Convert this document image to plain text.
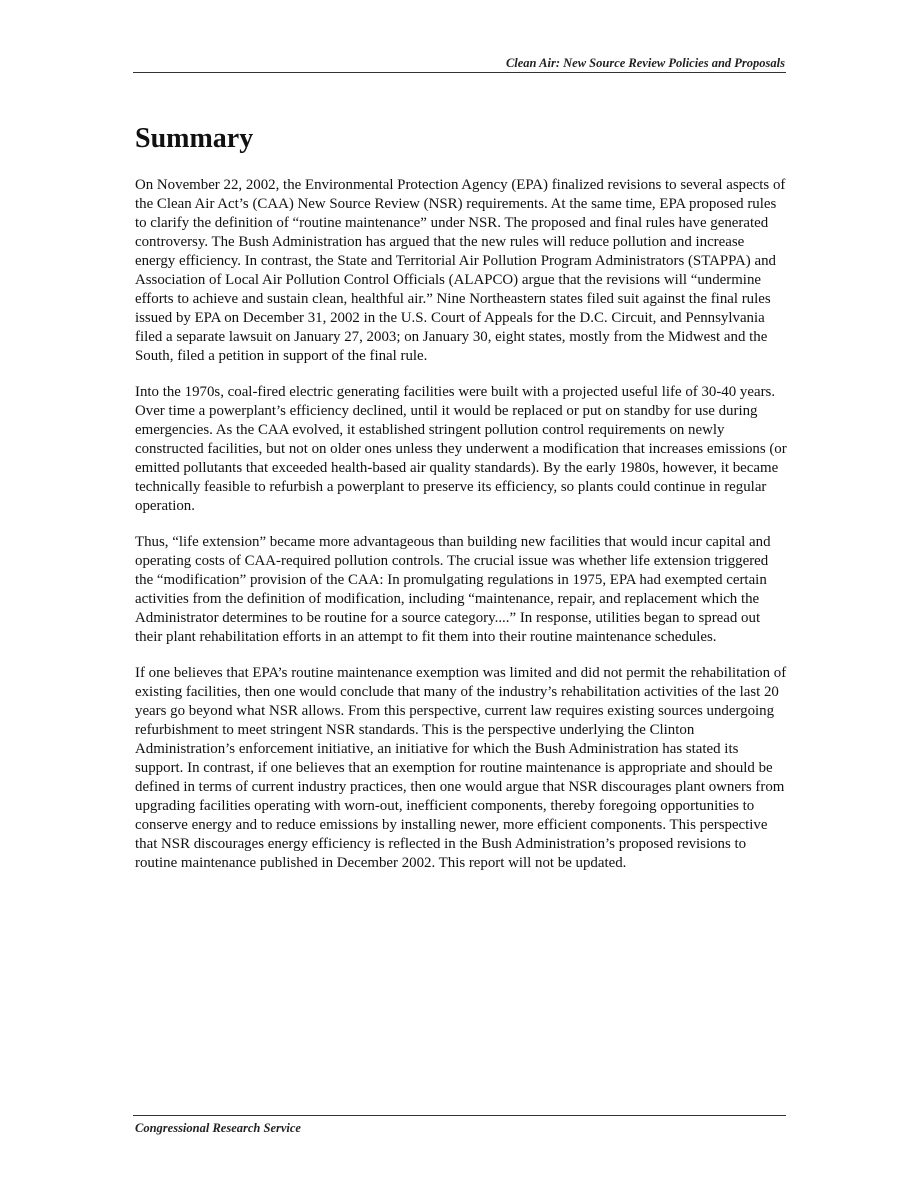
Clean Air: New Source Review Policies and Proposals
Summary

On November 22, 2002, the Environmental Protection Agency (EPA) finalized revisions to several aspects of the Clean Air Act’s (CAA) New Source Review (NSR) requirements. At the same time, EPA proposed rules to clarify the definition of “routine maintenance” under NSR. The proposed and final rules have generated controversy. The Bush Administration has argued that the new rules will reduce pollution and increase energy efficiency. In contrast, the State and Territorial Air Pollution Program Administrators (STAPPA) and Association of Local Air Pollution Control Officials (ALAPCO) argue that the revisions will “undermine efforts to achieve and sustain clean, healthful air.” Nine Northeastern states filed suit against the final rules issued by EPA on December 31, 2002 in the U.S. Court of Appeals for the D.C. Circuit, and Pennsylvania filed a separate lawsuit on January 27, 2003; on January 30, eight states, mostly from the Midwest and the South, filed a petition in support of the final rule.

Into the 1970s, coal-fired electric generating facilities were built with a projected useful life of 30-40 years. Over time a powerplant’s efficiency declined, until it would be replaced or put on standby for use during emergencies. As the CAA evolved, it established stringent pollution control requirements on newly constructed facilities, but not on older ones unless they underwent a modification that increases emissions (or emitted pollutants that exceeded health-based air quality standards). By the early 1980s, however, it became technically feasible to refurbish a powerplant to preserve its efficiency, so plants could continue in regular operation.

Thus, “life extension” became more advantageous than building new facilities that would incur capital and operating costs of CAA-required pollution controls. The crucial issue was whether life extension triggered the “modification” provision of the CAA: In promulgating regulations in 1975, EPA had exempted certain activities from the definition of modification, including “maintenance, repair, and replacement which the Administrator determines to be routine for a source category....” In response, utilities began to spread out their plant rehabilitation efforts in an attempt to fit them into their routine maintenance schedules.

If one believes that EPA’s routine maintenance exemption was limited and did not permit the rehabilitation of existing facilities, then one would conclude that many of the industry’s rehabilitation activities of the last 20 years go beyond what NSR allows. From this perspective, current law requires existing sources undergoing refurbishment to meet stringent NSR standards. This is the perspective underlying the Clinton Administration’s enforcement initiative, an initiative for which the Bush Administration has stated its support. In contrast, if one believes that an exemption for routine maintenance is appropriate and should be defined in terms of current industry practices, then one would argue that NSR discourages plant owners from upgrading facilities operating with worn-out, inefficient components, thereby foregoing opportunities to conserve energy and to reduce emissions by installing newer, more efficient components. This perspective that NSR discourages energy efficiency is reflected in the Bush Administration’s proposed revisions to routine maintenance published in December 2002. This report will not be updated.

Congressional Research Service
